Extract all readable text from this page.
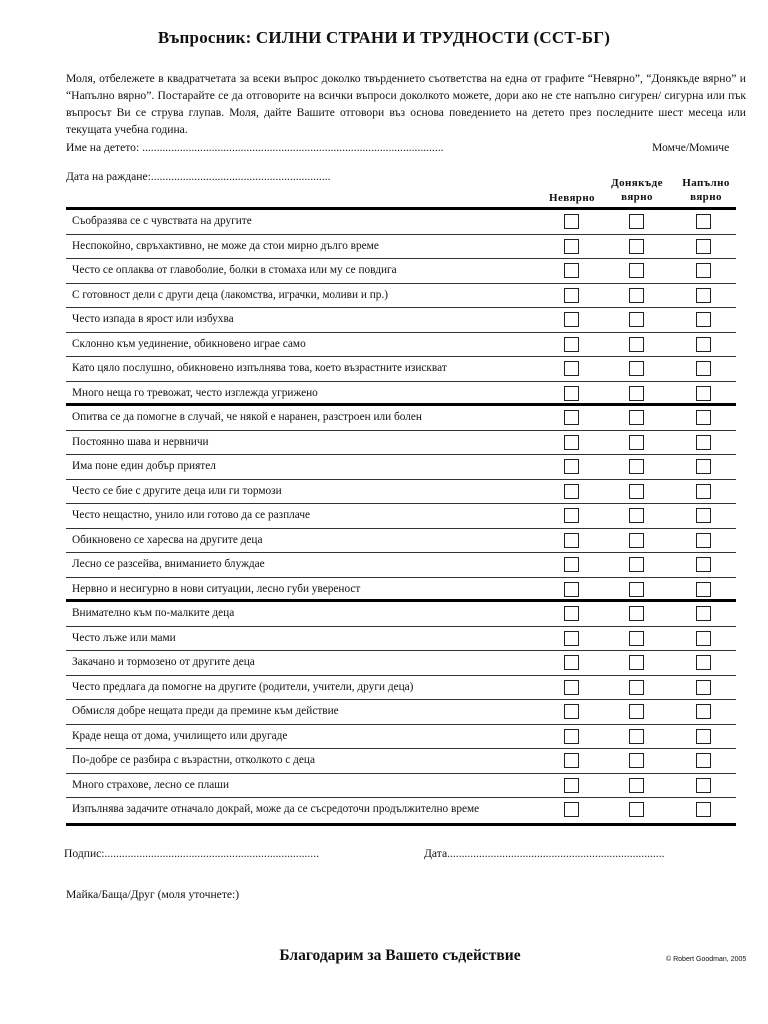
Въпросник: СИЛНИ СТРАНИ И ТРУДНОСТИ (ССТ-БГ)
Моля, отбележете в квадратчетата за всеки въпрос доколко твърдението съответства на една от графите “Невярно”, “Донякъде вярно” и “Напълно вярно”. Постарайте се да отговорите на всички въпроси доколкото можете, дори ако не сте напълно сигурен/ сигурна или пък въпросът Ви се струва глупав. Моля, дайте Вашите отговори въз основа поведението на детето през последните шест месеца или текущата учебна година.
Име на детето: ........................................................................................................	Момче/Момиче
Дата на раждане:..............................................................
Невярно
Донякъде вярно
Напълно вярно
Съобразява се с чувствата на другите
Неспокойно, свръхактивно, не може да стои мирно дълго време
Често се оплаква от главоболие, болки в стомаха или му се повдига
С готовност дели с други деца (лакомства, играчки, моливи и пр.)
Често изпада в ярост или избухва
Склонно към уединение, обикновено играе само
Като цяло послушно, обикновено изпълнява това, което възрастните изискват
Много неща го тревожат, често изглежда угрижено
Опитва се да помогне в случай, че някой е наранен, разстроен или болен
Постоянно шава и нервничи
Има поне един добър приятел
Често се бие с другите деца или ги тормози
Често нещастно, унило или готово да се разплаче
Обикновено се харесва на другите деца
Лесно се разсейва, вниманието блуждае
Нервно и несигурно в нови ситуации, лесно губи увереност
Внимателно към по-малките деца
Често лъже или мами
Закачано и тормозено от другите деца
Често предлага да помогне на другите (родители, учители, други деца)
Обмисля добре нещата преди да премине към действие
Краде неща от дома, училището или другаде
По-добре се разбира с възрастни, отколкото с деца
Много страхове, лесно се плаши
Изпълнява задачите отначало докрай, може да се съсредоточи продължително време
Подпис:..........................................................................	Дата...........................................................................
Майка/Баща/Друг (моля уточнете:)
Благодарим за Вашето съдействие	© Robert Goodman, 2005
